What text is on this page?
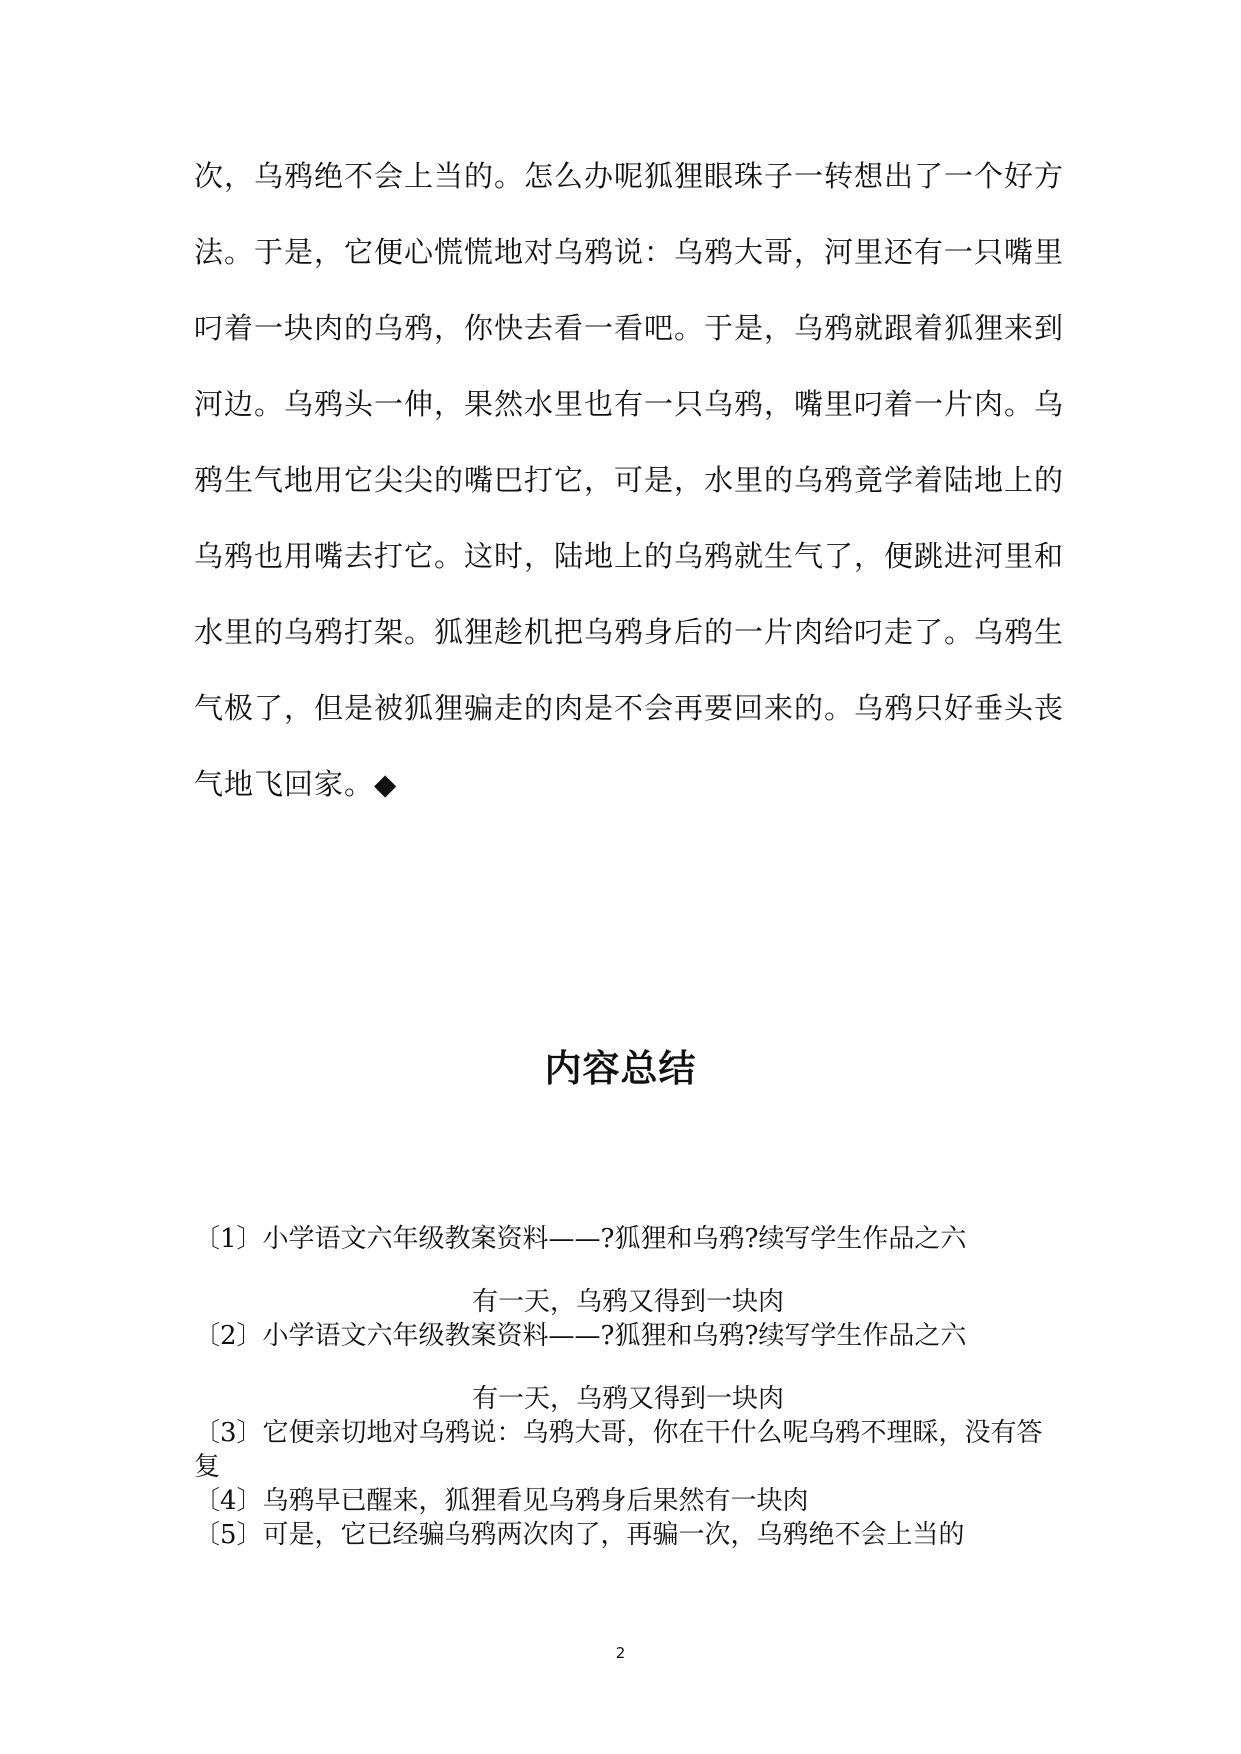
次，乌鸦绝不会上当的。怎么办呢狐狸眼珠子一转想出了一个好方
法。于是，它便心慌慌地对乌鸦说：乌鸦大哥，河里还有一只嘴里
叼着一块肉的乌鸦，你快去看一看吧。于是，乌鸦就跟着狐狸来到
河边。乌鸦头一伸，果然水里也有一只乌鸦，嘴里叼着一片肉。乌
鸦生气地用它尖尖的嘴巴打它，可是，水里的乌鸦竟学着陆地上的
乌鸦也用嘴去打它。这时，陆地上的乌鸦就生气了，便跳进河里和
水里的乌鸦打架。狐狸趁机把乌鸦身后的一片肉给叼走了。乌鸦生
气极了，但是被狐狸骗走的肉是不会再要回来的。乌鸦只好垂头丧
气地飞回家。◆
内容总结
〔1〕小学语文六年级教案资料——?狐狸和乌鸦?续写学生作品之六
有一天，乌鸦又得到一块肉
〔2〕小学语文六年级教案资料——?狐狸和乌鸦?续写学生作品之六
有一天，乌鸦又得到一块肉
〔3〕它便亲切地对乌鸦说：乌鸦大哥，你在干什么呢乌鸦不理睬，没有答复
〔4〕乌鸦早已醒来，狐狸看见乌鸦身后果然有一块肉
〔5〕可是，它已经骗乌鸦两次肉了，再骗一次，乌鸦绝不会上当的
2
